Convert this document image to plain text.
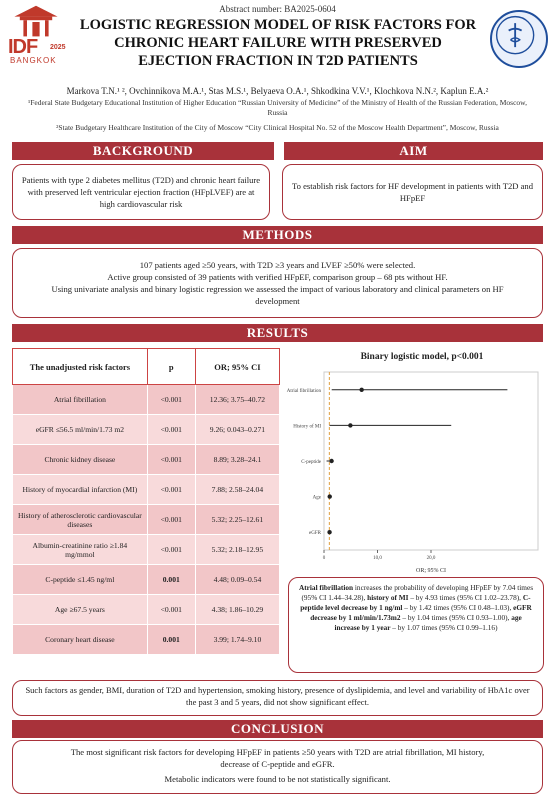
Abstract number: BA2025-0604
IDF 2025
BANGKOK
LOGISTIC REGRESSION MODEL OF RISK FACTORS FOR CHRONIC HEART FAILURE WITH PRESERVED EJECTION FRACTION IN T2D PATIENTS
Markova T.N.¹ ², Ovchinnikova M.A.¹, Stas M.S.¹, Belyaeva O.A.¹, Shkodkina V.V.¹, Klochkova N.N.², Kaplun E.A.²
¹Federal State Budgetary Educational Institution of Higher Education “Russian University of Medicine” of the Ministry of Health of the Russian Federation, Moscow, Russia
²State Budgetary Healthcare Institution of the City of Moscow “City Clinical Hospital No. 52 of the Moscow Health Department”, Moscow, Russia
BACKGROUND	AIM
Patients with type 2 diabetes mellitus (T2D) and chronic heart failure with preserved left ventricular ejection fraction (HFpLVEF) are at high cardiovascular risk
To establish risk factors for HF development in patients with T2D and HFpEF
METHODS
107 patients aged ≥50 years, with T2D ≥3 years and LVEF ≥50% were selected.
Active group consisted of 39 patients with verified HFpEF, comparison group – 68 pts without HF.
Using univariate analysis and binary logistic regression we assessed the impact of various laboratory and clinical parameters on HF development
RESULTS
The unadjusted risk factors	p	OR; 95% CI
Atrial fibrillation	<0.001	12.36; 3.75–40.72
eGFR ≤56.5 ml/min/1.73 m2	<0.001	9.26; 0.043–0.271
Chronic kidney disease	<0.001	8.89; 3.28–24.1
History of myocardial infarction (MI)	<0.001	7.88; 2.58–24.04
History of atherosclerotic cardiovascular diseases	<0.001	5.32; 2.25–12.61
Albumin-creatinine ratio ≥1.84 mg/mmol	<0.001	5.32; 2.18–12.95
C-peptide ≤1.45 ng/ml	0.001	4.48; 0.09–0.54
Age ≥67.5 years	<0.001	4.38; 1.86–10.29
Coronary heart disease	0.001	3.99; 1.74–9.10
Binary logistic model, p<0.001
Atrial fibrillation
History of MI
C-peptide
Age
eGFR
0	10,0	20,0
OR; 95% CI
Atrial fibrillation increases the probability of developing HFpEF by 7.04 times (95% CI 1.44–34.28), history of MI – by 4.93 times (95% CI 1.02–23.78), C-peptide level decrease by 1 ng/ml – by 1.42 times (95% CI 0.48–1.03), eGFR decrease by 1 ml/min/1.73m2 – by 1.04 times (95% CI 0.93–1.00), age increase by 1 year – by 1.07 times (95% CI 0.99–1.16)
Such factors as gender, BMI, duration of T2D and hypertension, smoking history, presence of dyslipidemia, and level and variability of HbA1c over the past 3 and 5 years, did not show significant effect.
CONCLUSION
The most significant risk factors for developing HFpEF in patients ≥50 years with T2D are atrial fibrillation, MI history, decrease of C-peptide and eGFR.
Metabolic indicators were found to be not statistically significant.
